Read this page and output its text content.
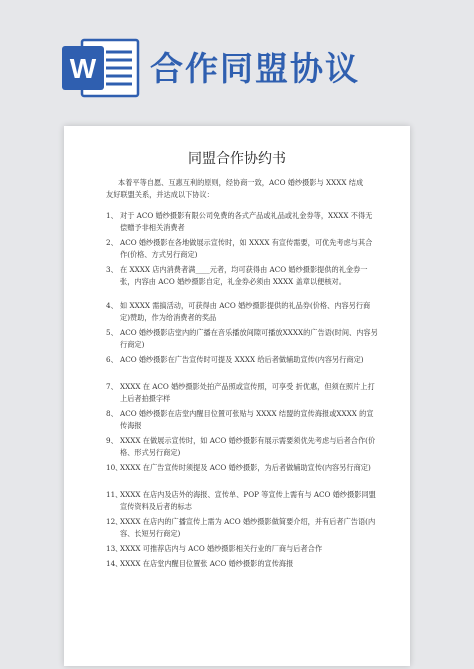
W 合作同盟协议
同盟合作协约书
本着平等自愿、互惠互利的原则，经协商一致，ACO 婚纱摄影与 XXXX 结成友好联盟关系，并达成以下协议：
1、 对于 ACO 婚纱摄影有限公司免费的各式产品或礼品或礼金券等，XXXX 不得无偿赠予非相关消费者
2、 ACO 婚纱摄影在各地做展示宣传时，如 XXXX 有宣传需要，可优先考虑与其合作(价格、方式另行商定)
3、 在 XXXX 店内消费者满____元者，均可获得由 ACO 婚纱摄影提供的礼金券一张，内容由 ACO 婚纱摄影自定，礼金券必须由 XXXX 盖章以便核对。
4、 如 XXXX 需搞活动，可获得由 ACO 婚纱摄影提供的礼品券(价格、内容另行商定)赞助，作为给消费者的奖品
5、 ACO 婚纱摄影店堂内的广播在音乐播放间隙可播放XXXX的广告语(时间、内容另行商定)
6、 ACO 婚纱摄影在广告宣传时可提及 XXXX 给后者做辅助宣传(内容另行商定)
7、 XXXX 在 ACO 婚纱摄影处拍产品照或宣传照，可享受 折优惠，但须在照片上打上后者拍摄字样
8、 ACO 婚纱摄影在店堂内醒目位置可张贴与 XXXX 结盟的宣传海报或XXXX 的宣传海报
9、 XXXX 在做展示宣传时，如 ACO 婚纱摄影有展示需要须优先考虑与后者合作(价格、形式另行商定)
10、
XXXX 在广告宣传时须提及 ACO 婚纱摄影，为后者做辅助宣传(内容另行商定)
11、
XXXX 在店内及店外的海报、宣传单、POP 等宣传上需有与 ACO 婚纱摄影同盟宣传资料及后者的标志
12、
XXXX 在店内的广播宣传上需为 ACO 婚纱摄影做简要介绍，并有后者广告语(内容、长短另行商定)
13、
XXXX 可推荐店内与 ACO 婚纱摄影相关行业的厂商与后者合作
14、
XXXX 在店堂内醒目位置张 ACO 婚纱摄影的宣传海报
